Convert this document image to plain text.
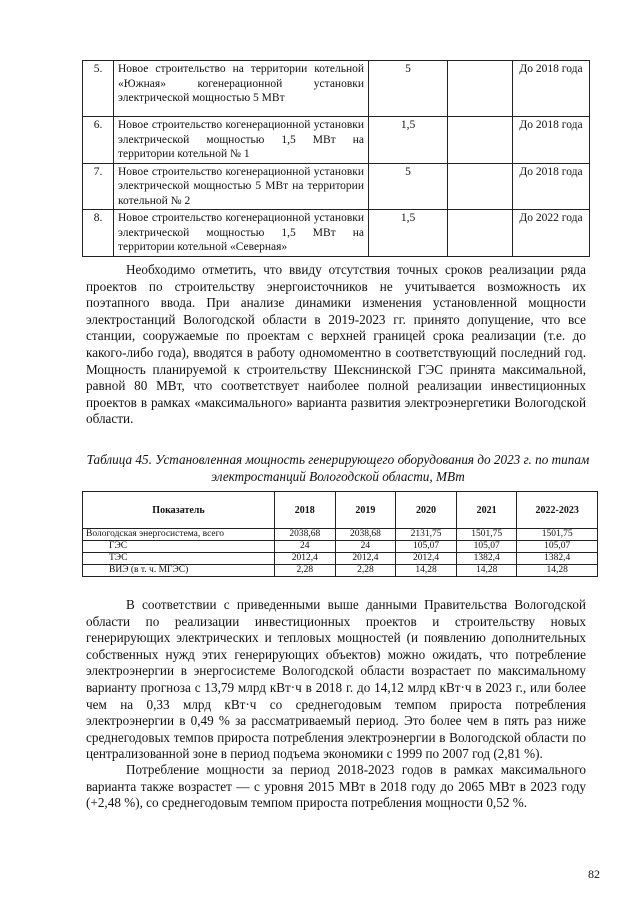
5.	Новое строительство на территории котельной «Южная» когенерационной установки электрической мощностью 5 МВт	5		До 2018 года
6.	Новое строительство когенерационной установки электрической мощностью 1,5 МВт на территории котельной № 1	1,5		До 2018 года
7.	Новое строительство когенерационной установки электрической мощностью 5 МВт на территории котельной № 2	5		До 2018 года
8.	Новое строительство когенерационной установки электрической мощностью 1,5 МВт на территории котельной «Северная»	1,5		До 2022 года

Необходимо отметить, что ввиду отсутствия точных сроков реализации ряда проектов по строительству энергоисточников не учитывается возможность их поэтапного ввода. При анализе динамики изменения установленной мощности электростанций Вологодской области в 2019-2023 гг. принято допущение, что все станции, сооружаемые по проектам с верхней границей срока реализации (т.е. до какого-либо года), вводятся в работу одномоментно в соответствующий последний год. Мощность планируемой к строительству Шекснинской ГЭС принята максимальной, равной 80 МВт, что соответствует наиболее полной реализации инвестиционных проектов в рамках «максимального» варианта развития электроэнергетики Вологодской области.

Таблица 45. Установленная мощность генерирующего оборудования до 2023 г. по типам электростанций Вологодской области, МВт
Показатель	2018	2019	2020	2021	2022-2023
Вологодская энергосистема, всего	2038,68	2038,68	2131,75	1501,75	1501,75
ГЭС	24	24	105,07	105,07	105,07
ТЭС	2012,4	2012,4	2012,4	1382,4	1382,4
ВИЭ (в т. ч. МГЭС)	2,28	2,28	14,28	14,28	14,28

В соответствии с приведенными выше данными Правительства Вологодской области по реализации инвестиционных проектов и строительству новых генерирующих электрических и тепловых мощностей (и появлению дополнительных собственных нужд этих генерирующих объектов) можно ожидать, что потребление электроэнергии в энергосистеме Вологодской области возрастает по максимальному варианту прогноза с 13,79 млрд кВт·ч в 2018 г. до 14,12 млрд кВт·ч в 2023 г., или более чем на 0,33 млрд кВт·ч со среднегодовым темпом прироста потребления электроэнергии в 0,49 % за рассматриваемый период. Это более чем в пять раз ниже среднегодовых темпов прироста потребления электроэнергии в Вологодской области по централизованной зоне в период подъема экономики с 1999 по 2007 год (2,81 %).

Потребление мощности за период 2018-2023 годов в рамках максимального варианта также возрастет — с уровня 2015 МВт в 2018 году до 2065 МВт в 2023 году (+2,48 %), со среднегодовым темпом прироста потребления мощности 0,52 %.

82
